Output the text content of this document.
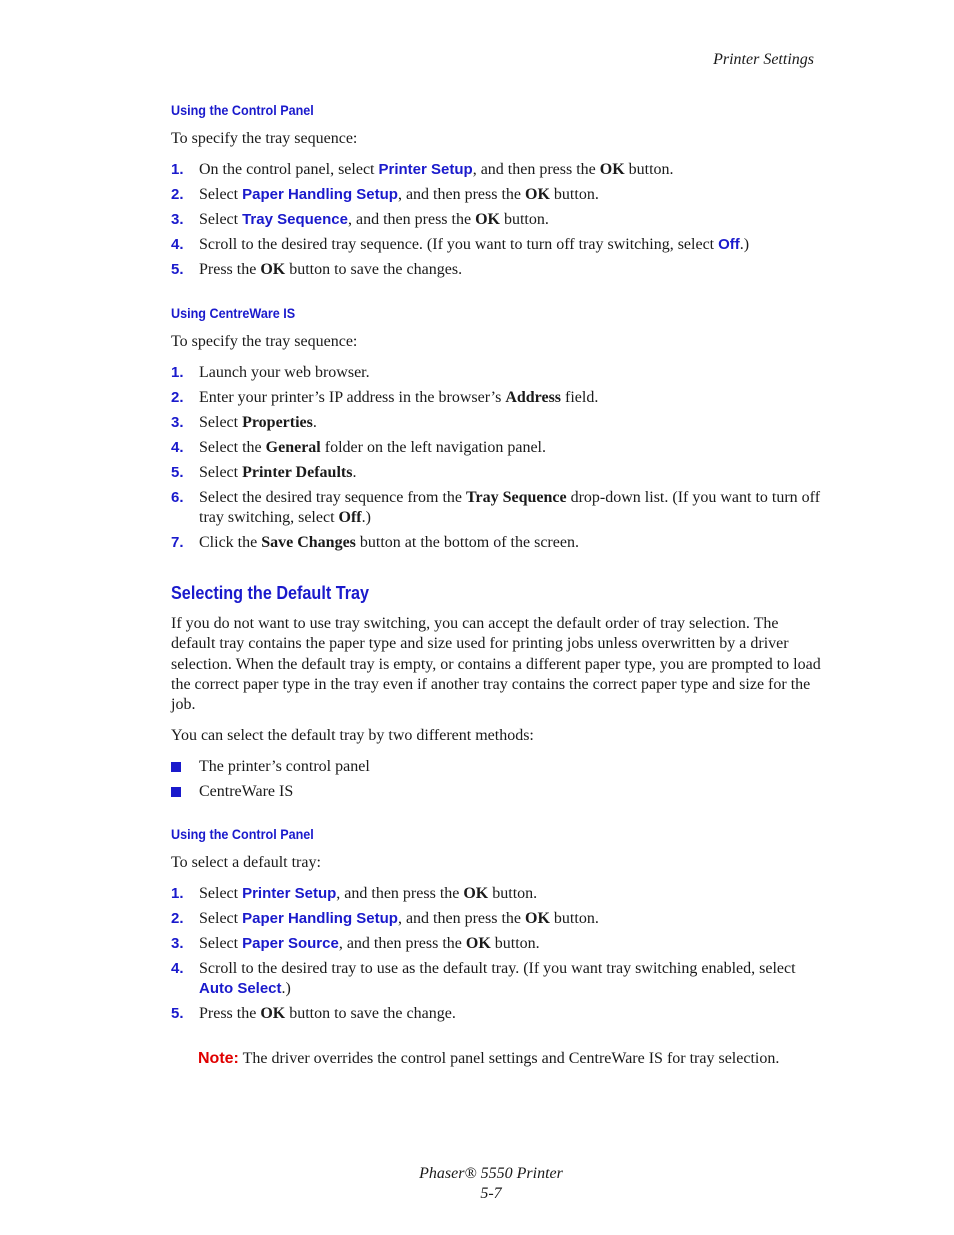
Printer Settings
Using the Control Panel
To specify the tray sequence:
1. On the control panel, select Printer Setup, and then press the OK button.
2. Select Paper Handling Setup, and then press the OK button.
3. Select Tray Sequence, and then press the OK button.
4. Scroll to the desired tray sequence. (If you want to turn off tray switching, select Off.)
5. Press the OK button to save the changes.
Using CentreWare IS
To specify the tray sequence:
1. Launch your web browser.
2. Enter your printer’s IP address in the browser’s Address field.
3. Select Properties.
4. Select the General folder on the left navigation panel.
5. Select Printer Defaults.
6. Select the desired tray sequence from the Tray Sequence drop-down list. (If you want to turn off tray switching, select Off.)
7. Click the Save Changes button at the bottom of the screen.
Selecting the Default Tray
If you do not want to use tray switching, you can accept the default order of tray selection. The default tray contains the paper type and size used for printing jobs unless overwritten by a driver selection. When the default tray is empty, or contains a different paper type, you are prompted to load the correct paper type in the tray even if another tray contains the correct paper type and size for the job.
You can select the default tray by two different methods:
The printer’s control panel
CentreWare IS
Using the Control Panel
To select a default tray:
1. Select Printer Setup, and then press the OK button.
2. Select Paper Handling Setup, and then press the OK button.
3. Select Paper Source, and then press the OK button.
4. Scroll to the desired tray to use as the default tray. (If you want tray switching enabled, select Auto Select.)
5. Press the OK button to save the change.
Note: The driver overrides the control panel settings and CentreWare IS for tray selection.
Phaser® 5550 Printer
5-7
